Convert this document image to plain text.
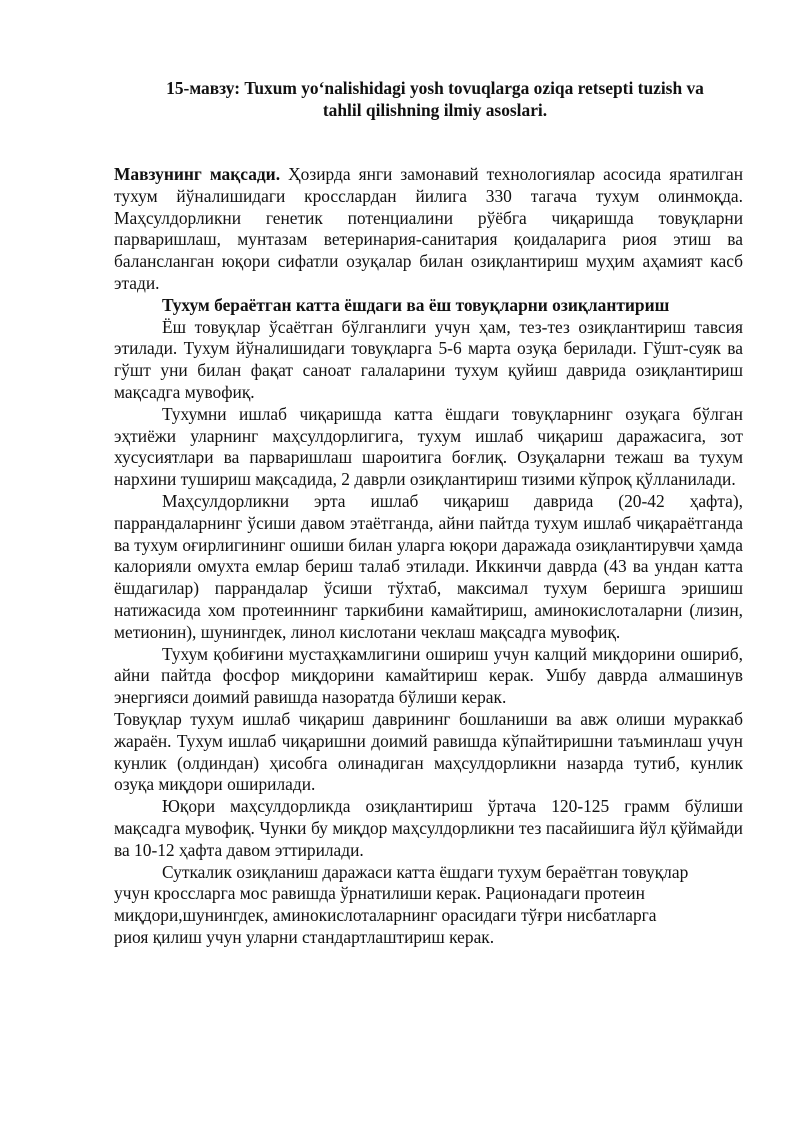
15-мавзу: Tuxum yo‘nalishidagi yosh tovuqlarga oziqa retsepti tuzish va
tahlil qilishning ilmiy asoslari.

Мавзунинг мақсади. Ҳозирда янги замонавий технологиялар асосида яратилган тухум йўналишидаги кросслардан йилига 330 тагача тухум олинмоқда. Маҳсулдорликни генетик потенциалини рўёбга чиқаришда товуқларни парваришлаш, мунтазам ветеринария-санитария қоидаларига риоя этиш ва балансланган юқори сифатли озуқалар билан озиқлантириш муҳим аҳамият касб этади.

Тухум бераётган катта ёшдаги ва ёш товуқларни озиқлантириш

Ёш товуқлар ўсаётган бўлганлиги учун ҳам, тез-тез озиқлантириш тавсия этилади. Тухум йўналишидаги товуқларга 5-6 марта озуқа берилади. Гўшт-суяк ва гўшт уни билан фақат саноат галаларини тухум қуйиш даврида озиқлантириш мақсадга мувофиқ.

Тухумни ишлаб чиқаришда катта ёшдаги товуқларнинг озуқага бўлган эҳтиёжи уларнинг маҳсулдорлигига, тухум ишлаб чиқариш даражасига, зот хусусиятлари ва парваришлаш шароитига боғлиқ. Озуқаларни тежаш ва тухум нархини тушириш мақсадида, 2 даврли озиқлантириш тизими кўпроқ қўлланилади.

Маҳсулдорликни эрта ишлаб чиқариш даврида (20-42 ҳафта), паррандаларнинг ўсиши давом этаётганда, айни пайтда тухум ишлаб чиқараётганда ва тухум оғирлигининг ошиши билан уларга юқори даражада озиқлантирувчи ҳамда калорияли омухта емлар бериш талаб этилади. Иккинчи даврда (43 ва ундан катта ёшдагилар) паррандалар ўсиши тўхтаб, максимал тухум беришга эришиш натижасида хом протеиннинг таркибини камайтириш, аминокислоталарни (лизин, метионин), шунингдек, линол кислотани чеклаш мақсадга мувофиқ.

Тухум қобиғини мустаҳкамлигини ошириш учун калций миқдорини ошириб, айни пайтда фосфор миқдорини камайтириш керак. Ушбу даврда алмашинув энергияси доимий равишда назоратда бўлиши керак.

Товуқлар тухум ишлаб чиқариш даврининг бошланиши ва авж олиши мураккаб жараён. Тухум ишлаб чиқаришни доимий равишда кўпайтиришни таъминлаш учун кунлик (олдиндан) ҳисобга олинадиган маҳсулдорликни назарда тутиб, кунлик озуқа миқдори оширилади.

Юқори маҳсулдорликда озиқлантириш ўртача 120-125 грамм бўлиши мақсадга мувофиқ. Чунки бу миқдор маҳсулдорликни тез пасайишига йўл қўймайди ва 10-12 ҳафта давом эттирилади.

Суткалик озиқланиш даражаси катта ёшдаги тухум бераётган товуқлар
учун кроссларга мос равишда ўрнатилиши керак. Рационадаги протеин
миқдори,шунингдек, аминокислоталарнинг орасидаги тўғри нисбатларга
риоя қилиш учун уларни стандартлаштириш керак.
